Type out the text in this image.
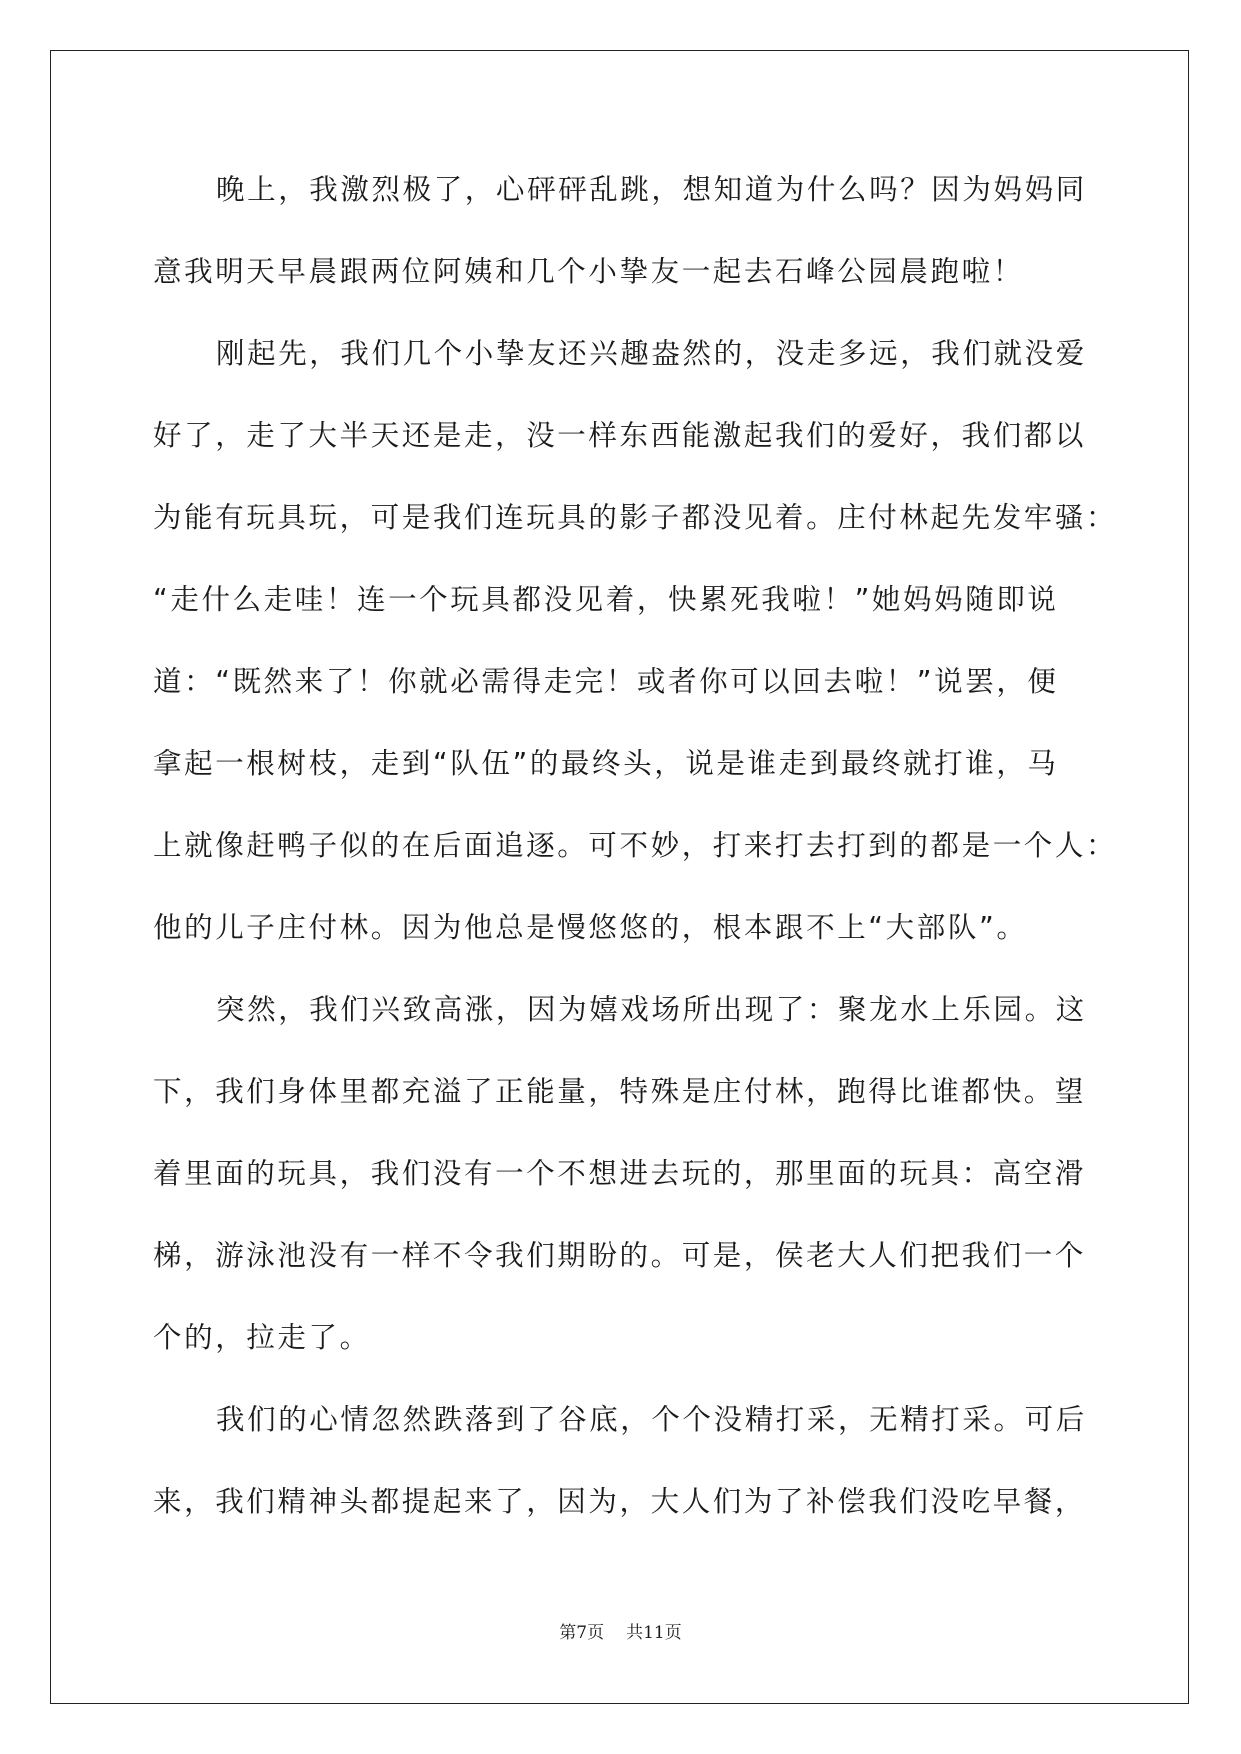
晚上，我激烈极了，心砰砰乱跳，想知道为什么吗？因为妈妈同
意我明天早晨跟两位阿姨和几个小挚友一起去石峰公园晨跑啦！
刚起先，我们几个小挚友还兴趣盎然的，没走多远，我们就没爱
好了，走了大半天还是走，没一样东西能激起我们的爱好，我们都以
为能有玩具玩，可是我们连玩具的影子都没见着。庄付林起先发牢骚：
“走什么走哇！连一个玩具都没见着，快累死我啦！”她妈妈随即说
道：“既然来了！你就必需得走完！或者你可以回去啦！”说罢，便
拿起一根树枝，走到“队伍”的最终头，说是谁走到最终就打谁，马
上就像赶鸭子似的在后面追逐。可不妙，打来打去打到的都是一个人：
他的儿子庄付林。因为他总是慢悠悠的，根本跟不上“大部队”。
突然，我们兴致高涨，因为嬉戏场所出现了：聚龙水上乐园。这
下，我们身体里都充溢了正能量，特殊是庄付林，跑得比谁都快。望
着里面的玩具，我们没有一个不想进去玩的，那里面的玩具：高空滑
梯，游泳池没有一样不令我们期盼的。可是，侯老大人们把我们一个
个的，拉走了。
我们的心情忽然跌落到了谷底，个个没精打采，无精打采。可后
来，我们精神头都提起来了，因为，大人们为了补偿我们没吃早餐，
第7页 共11页
